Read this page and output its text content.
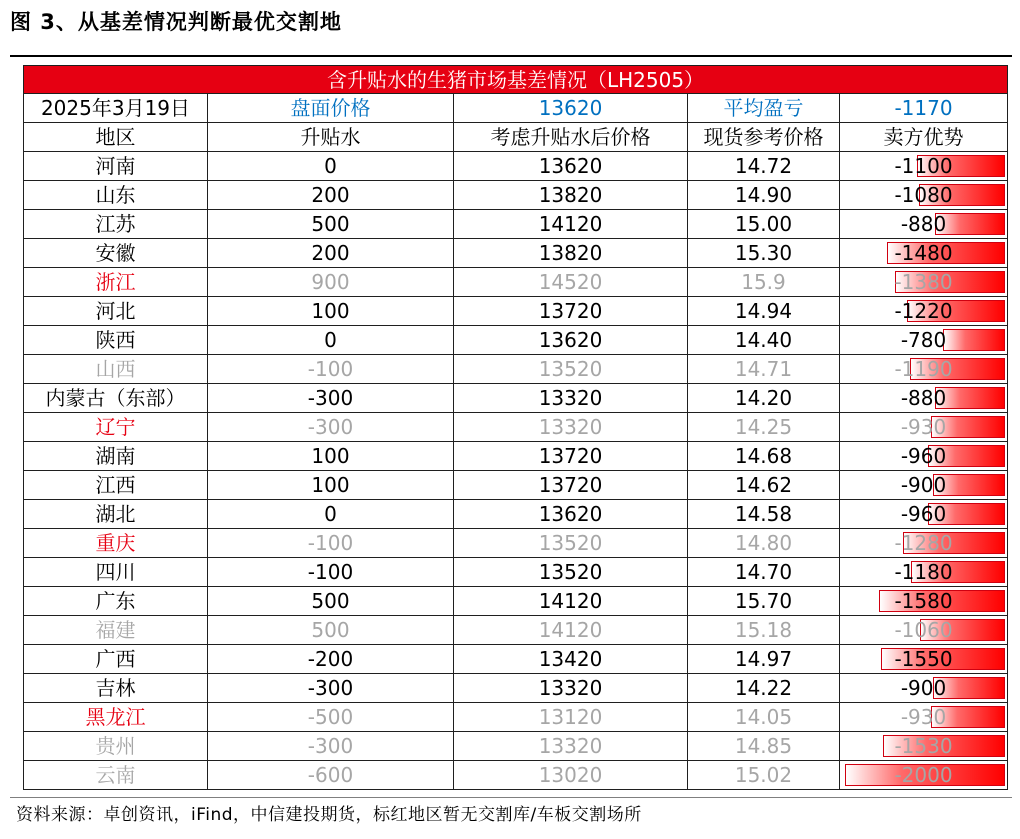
图 3、从基差情况判断最优交割地
含升贴水的生猪市场基差情况（LH2505）				
2025年3月19日	盘面价格	13620	平均盈亏	-1170
地区	升贴水	考虑升贴水后价格	现货参考价格	卖方优势
河南	0	13620	14.72	-1100
山东	200	13820	14.90	-1080
江苏	500	14120	15.00	-880
安徽	200	13820	15.30	-1480
浙江	900	14520	15.9	-1380
河北	100	13720	14.94	-1220
陕西	0	13620	14.40	-780
山西	-100	13520	14.71	-1190
内蒙古（东部）	-300	13320	14.20	-880
辽宁	-300	13320	14.25	-930
湖南	100	13720	14.68	-960
江西	100	13720	14.62	-900
湖北	0	13620	14.58	-960
重庆	-100	13520	14.80	-1280
四川	-100	13520	14.70	-1180
广东	500	14120	15.70	-1580
福建	500	14120	15.18	-1060
广西	-200	13420	14.97	-1550
吉林	-300	13320	14.22	-900
黑龙江	-500	13120	14.05	-930
贵州	-300	13320	14.85	-1530
云南	-600	13020	15.02	-2000
资料来源：卓创资讯，iFind，中信建投期货，标红地区暂无交割库/车板交割场所
